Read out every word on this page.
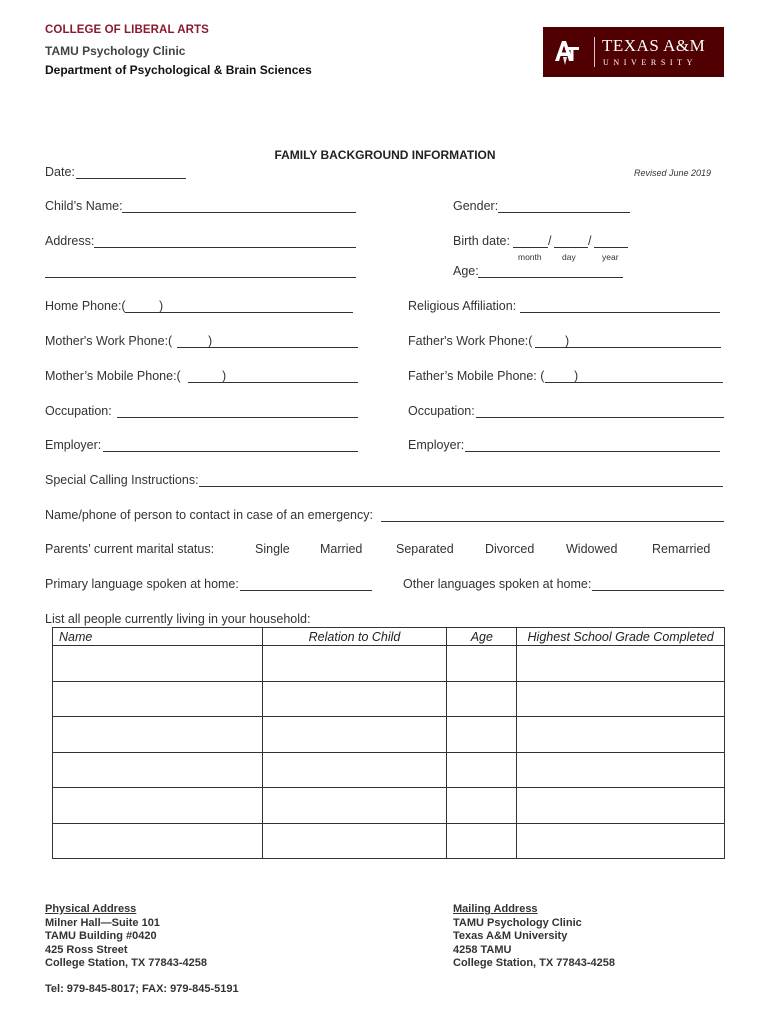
COLLEGE OF LIBERAL ARTS
TAMU Psychology Clinic
Department of Psychological & Brain Sciences
TEXAS A&M
UNIVERSITY
FAMILY BACKGROUND INFORMATION
Revised June 2019
Date:
Child’s Name:	Gender:
Address:	Birth date:	/	/
month day	year
Age:
Home Phone:(	)	Religious Affiliation:
Mother's Work Phone:(	)	Father's Work Phone:(	)
Mother’s Mobile Phone:(	)	Father’s Mobile Phone: ( )
Occupation:	Occupation:
Employer:	Employer:
Special Calling Instructions:
Name/phone of person to contact in case of an emergency:
Parents’ current marital status:	Single Married	Separated	Divorced	Widowed	Remarried
Primary language spoken at home:	Other languages spoken at home:
List all people currently living in your household:
Name	Relation to Child	Age	Highest School Grade Completed

Physical Address
Milner Hall—Suite 101
TAMU Building #0420
425 Ross Street
College Station, TX 77843-4258
Mailing Address
TAMU Psychology Clinic
Texas A&M University
4258 TAMU
College Station, TX 77843-4258
Tel: 979-845-8017; FAX: 979-845-5191
